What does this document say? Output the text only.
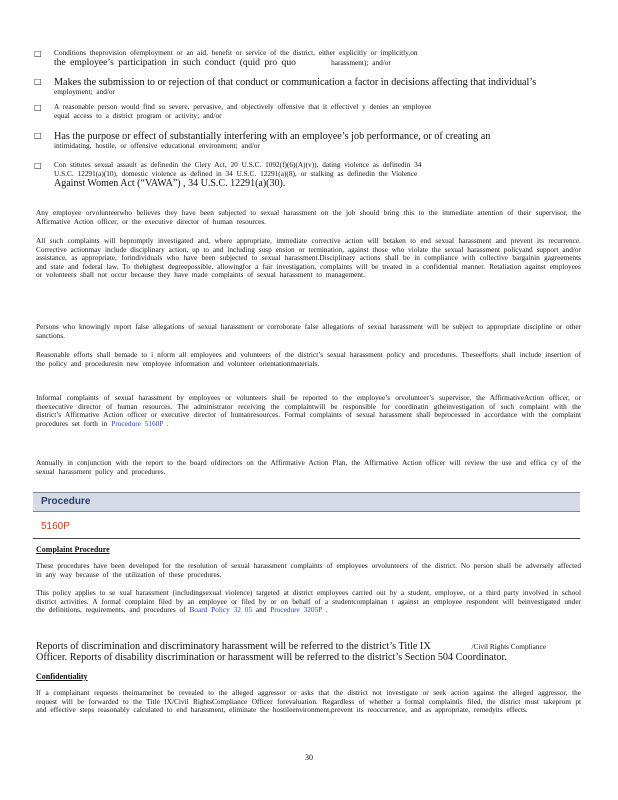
□ Conditions theprovision ofemployment or an aid, benefit or service of the district, either explicitly or implicitly,on
the employee’s participation in such conduct (quid pro quo	harassment); and/or
□ Makes the submission to or rejection of that conduct or communication a factor in decisions affecting that individual’s
employment; and/or
□ A reasonable person would find so severe, pervasive, and objectively offensive that it effectivel y denies an employee
equal access to a district program or activity; and/or
□ Has the purpose or effect of substantially interfering with an employee’s job performance, or of creating an
intimidating, hostile, or offensive educational environment; and/or
□ Con stitutes sexual assault as definedin the Clery Act, 20 U.S.C. 1092(f)(6)(A)(v)), dating violence as definedin 34
U.S.C. 12291(a)(10), domestic violence as defined in 34 U.S.C. 12291(a)(8), or stalking as definedin the Violence
Against Women Act (“VAWA”) , 34 U.S.C. 12291(a)(30).
Any employee orvolunteerwho believes they have been subjected to sexual harassment on the job should bring this to the immediate attention of their supervisor, the Affirmative Action officer, or the executive director of human resources.
All such complaints will bepromptly investigated and, where appropriate, immediate corrective action will betaken to end sexual harassment and prevent its recurrence. Corrective actionmay include disciplinary action, up to and including susp ension or termination, against those who violate the sexual harassment policyand support and/or assistance, as appropriate, forindividuals who have been subjected to sexual harassment.Disciplinary actions shall be in compliance with collective bargainin gagreements and state and federal law. To thehighest degreepossible, allowingfor a fair investigation, complaints will be treated in a confidential manner. Retaliation against employees or volunteers shall not occur because they have made complaints of sexual harassment to management.
Persons who knowingly report false allegations of sexual harassment or corroborate false allegations of sexual harassment will be subject to appropriate discipline or other sanctions.
Reasonable efforts shall bemade to i nform all employees and volunteers of the district’s sexual harassment policy and procedures. Theseefforts shall include insertion of the policy and proceduresin new employee information and volunteer orientationmaterials.
Informal complaints of sexual harassment by employees or volunteers shall be reported to the employee’s orvolunteer’s supervisor, the AffirmativeAction officer, or theexecutive director of human resources. The administrator receiving the complaintwill be responsible for coordinatin gtheinvestigation of such complaint with the district’s Affirmative Action officer or executive director of humanresources. Formal complaints of sexual harassment shall beprocessed in accordance with the complaint procedures set forth in Procedure 5160P .
Annually in conjunction with the report to the board ofdirectors on the Affirmative Action Plan, the Affirmative Action officer will review the use and effica cy of the sexual harassment policy and procedures.
Procedure
5160P
Complaint Procedure
These procedures have been developed for the resolution of sexual harassment complaints of employees orvolunteers of the district. No person shall be adversely affected in any way because of the utilization of these procedures.
This policy applies to se xual harassment (includingsexual violence) targeted at district employees carried out by a student, employee, or a third party involved in school district activities. A formal complaint filed by an employee or filed by or on behalf of a studentcomplainan t against an employee respondent will beinvestigated under the definitions, requirements, and procedures of Board Policy 32 05 and Procedure 3205P .
Reports of discrimination and discriminatory harassment will be referred to the district’s Title IX	/Civil Rights Compliance
Officer. Reports of disability discrimination or harassment will be referred to the district’s Section 504 Coordinator.
Confidentiality
If a complainant requests theimameinot be revealed to the alleged aggressor or asks that the district not investigate or seek action against the alleged aggressor, the request will be forwarded to the Title IX/Civil RightsCompliance Officer forevaluation. Regardless of whether a formal complaintis filed, the district must takeprom pt and effective steps reasonably calculated to end harassment, eliminate the hostileenvironment,prevent its reoccurrence, and as appropriate, remedyits effects.
30
